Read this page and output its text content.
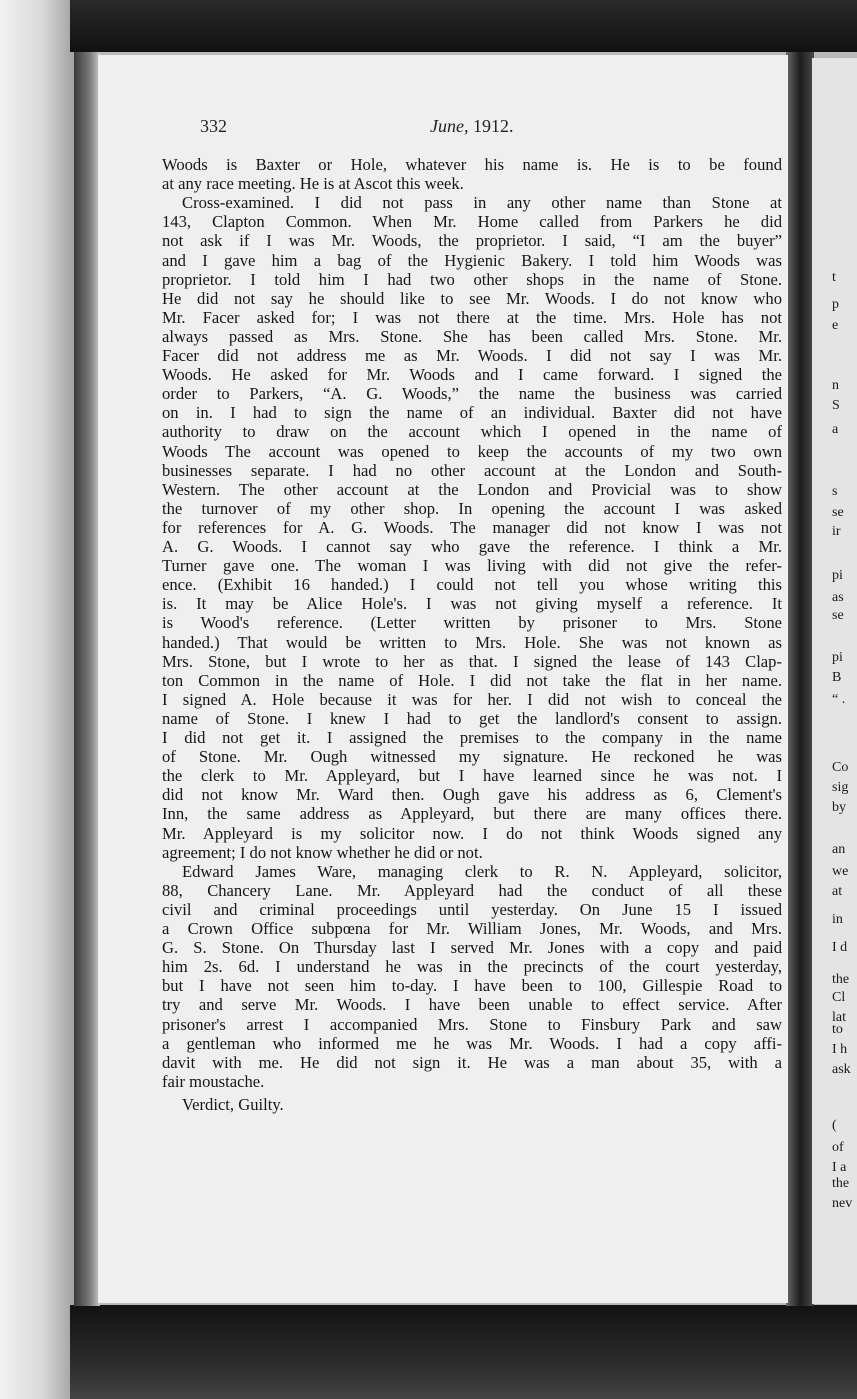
t
p
e
n
S
a
s
se
ir
pi
as
se
pi
B
“ .
Co
sig
by
an
we
at
in
I d
the
Cl
lat
to
I h
ask
(
of
I a
the
nev
332	June, 1912.
Woods is Baxter or Hole, whatever his name is. He is to be found
at any race meeting. He is at Ascot this week.
Cross-examined. I did not pass in any other name than Stone at
143, Clapton Common. When Mr. Home called from Parkers he did
not ask if I was Mr. Woods, the proprietor. I said, “I am the buyer”
and I gave him a bag of the Hygienic Bakery. I told him Woods was
proprietor. I told him I had two other shops in the name of Stone.
He did not say he should like to see Mr. Woods. I do not know who
Mr. Facer asked for; I was not there at the time. Mrs. Hole has not
always passed as Mrs. Stone. She has been called Mrs. Stone. Mr.
Facer did not address me as Mr. Woods. I did not say I was Mr.
Woods. He asked for Mr. Woods and I came forward. I signed the
order to Parkers, “A. G. Woods,” the name the business was carried
on in. I had to sign the name of an individual. Baxter did not have
authority to draw on the account which I opened in the name of
Woods The account was opened to keep the accounts of my two own
businesses separate. I had no other account at the London and South-
Western. The other account at the London and Provicial was to show
the turnover of my other shop. In opening the account I was asked
for references for A. G. Woods. The manager did not know I was not
A. G. Woods. I cannot say who gave the reference. I think a Mr.
Turner gave one. The woman I was living with did not give the refer-
ence. (Exhibit 16 handed.) I could not tell you whose writing this
is. It may be Alice Hole's. I was not giving myself a reference. It
is Wood's reference. (Letter written by prisoner to Mrs. Stone
handed.) That would be written to Mrs. Hole. She was not known as
Mrs. Stone, but I wrote to her as that. I signed the lease of 143 Clap-
ton Common in the name of Hole. I did not take the flat in her name.
I signed A. Hole because it was for her. I did not wish to conceal the
name of Stone. I knew I had to get the landlord's consent to assign.
I did not get it. I assigned the premises to the company in the name
of Stone. Mr. Ough witnessed my signature. He reckoned he was
the clerk to Mr. Appleyard, but I have learned since he was not. I
did not know Mr. Ward then. Ough gave his address as 6, Clement's
Inn, the same address as Appleyard, but there are many offices there.
Mr. Appleyard is my solicitor now. I do not think Woods signed any
agreement; I do not know whether he did or not.
Edward James Ware, managing clerk to R. N. Appleyard, solicitor,
88, Chancery Lane. Mr. Appleyard had the conduct of all these
civil and criminal proceedings until yesterday. On June 15 I issued
a Crown Office subpœna for Mr. William Jones, Mr. Woods, and Mrs.
G. S. Stone. On Thursday last I served Mr. Jones with a copy and paid
him 2s. 6d. I understand he was in the precincts of the court yesterday,
but I have not seen him to-day. I have been to 100, Gillespie Road to
try and serve Mr. Woods. I have been unable to effect service. After
prisoner's arrest I accompanied Mrs. Stone to Finsbury Park and saw
a gentleman who informed me he was Mr. Woods. I had a copy affi-
davit with me. He did not sign it. He was a man about 35, with a
fair moustache.
Verdict, Guilty.
